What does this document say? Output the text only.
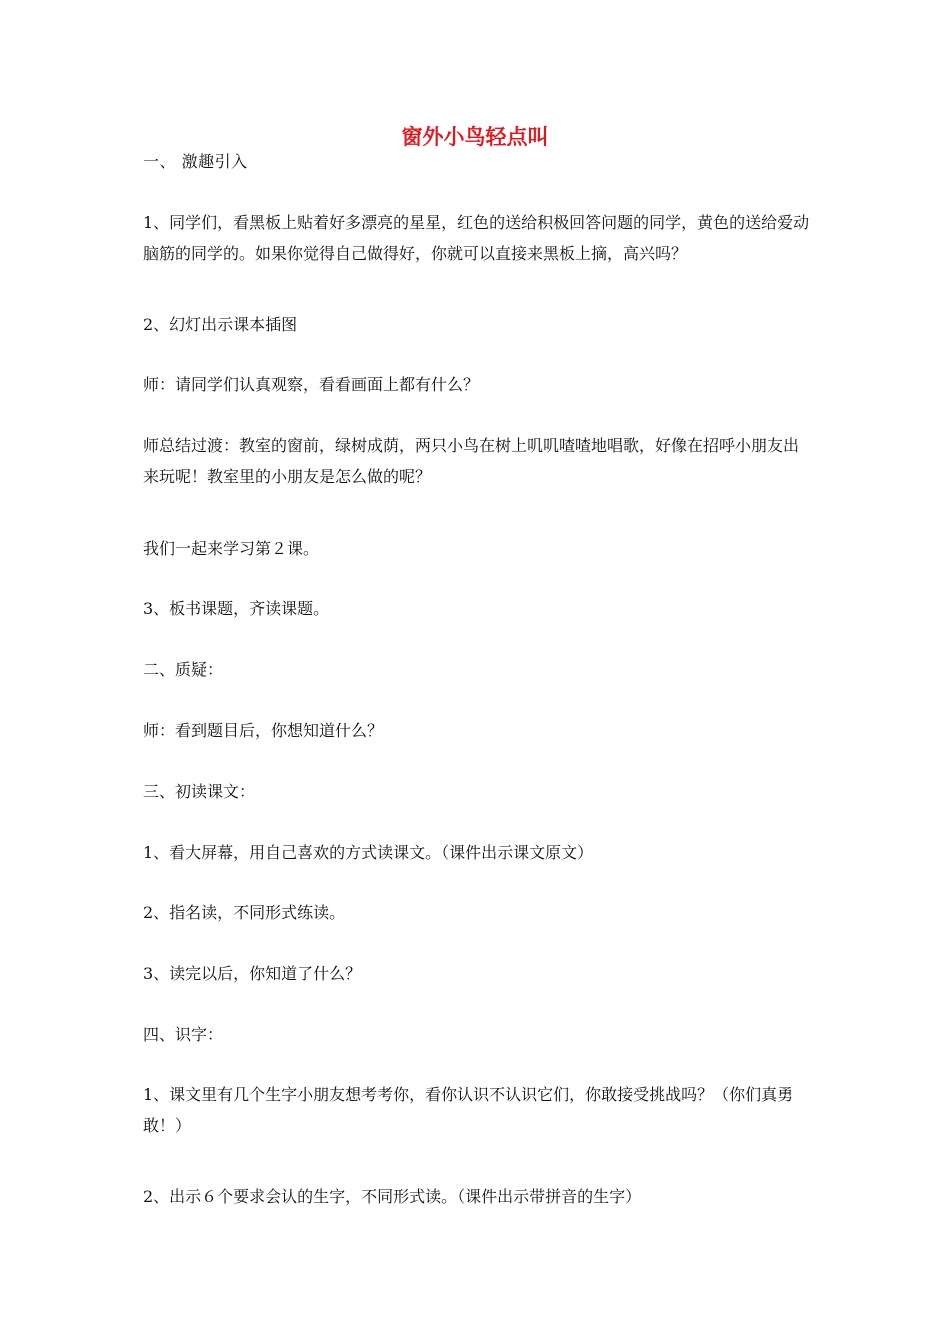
窗外小鸟轻点叫

一、 激趣引入

1、同学们，看黑板上贴着好多漂亮的星星，红色的送给积极回答问题的同学，黄色的送给爱动脑筋的同学的。如果你觉得自己做得好，你就可以直接来黑板上摘，高兴吗？

2、幻灯出示课本插图

师：请同学们认真观察，看看画面上都有什么？

师总结过渡：教室的窗前，绿树成荫，两只小鸟在树上叽叽喳喳地唱歌，好像在招呼小朋友出来玩呢！教室里的小朋友是怎么做的呢？

我们一起来学习第２课。

3、板书课题，齐读课题。

二、质疑：

师：看到题目后，你想知道什么？

三、初读课文：

1、看大屏幕，用自己喜欢的方式读课文。（课件出示课文原文）

2、指名读，不同形式练读。

3、读完以后，你知道了什么？

四、识字：

1、课文里有几个生字小朋友想考考你，看你认识不认识它们，你敢接受挑战吗？（你们真勇敢！）

2、出示６个要求会认的生字，不同形式读。（课件出示带拼音的生字）
